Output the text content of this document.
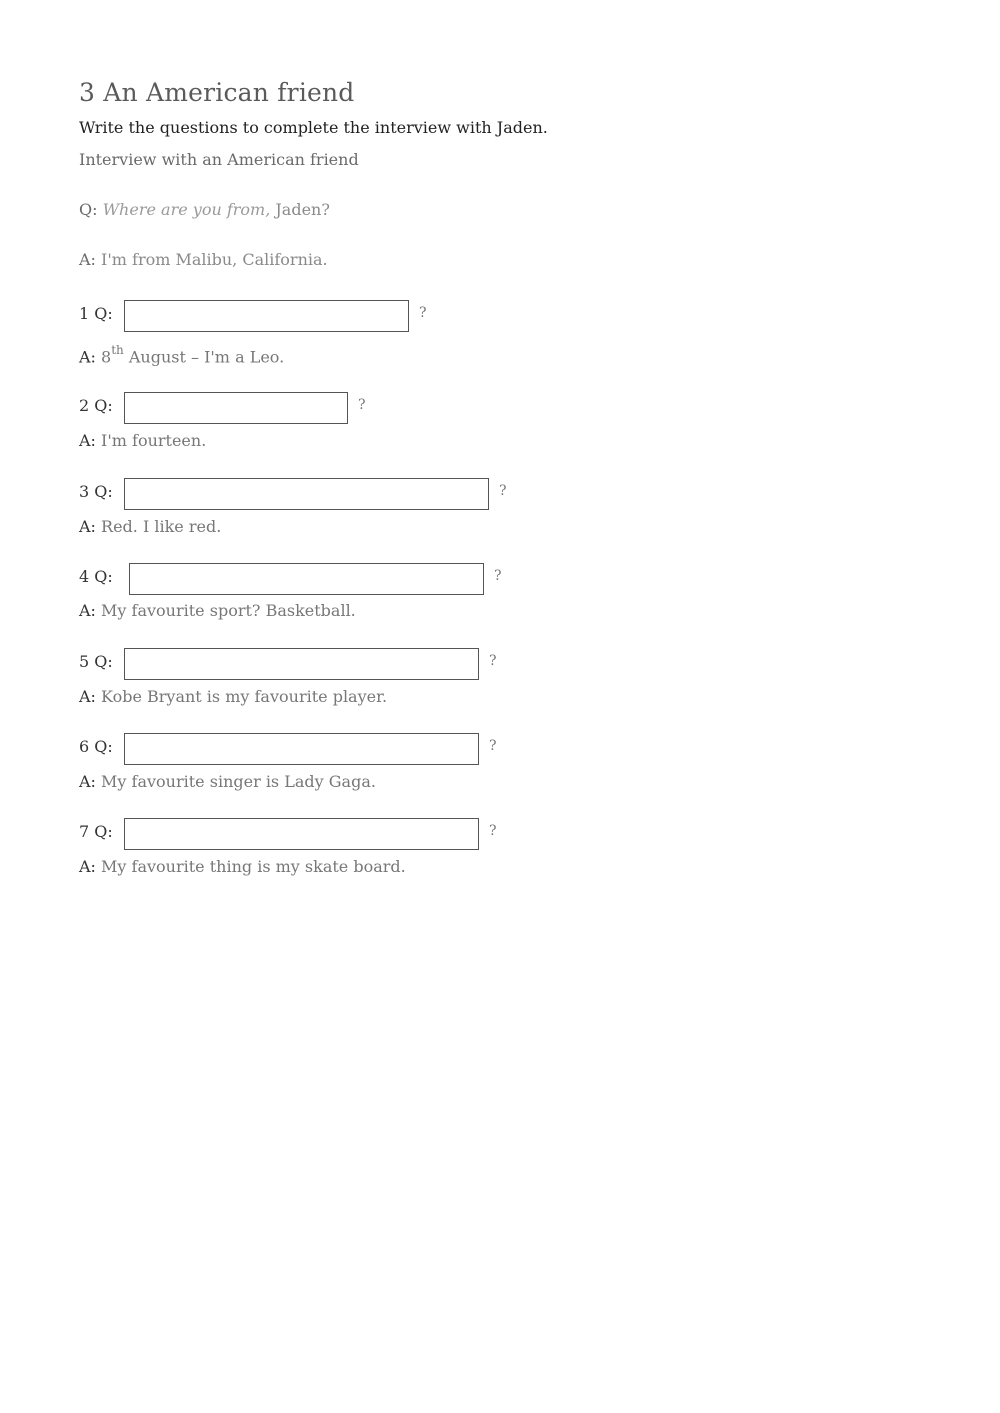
3 An American friend
Write the questions to complete the interview with Jaden.
Interview with an American friend
Q: Where are you from, Jaden?
A: I'm from Malibu, California.
1 Q:	?
A: 8th August – I'm a Leo.
2 Q:	?
A: I'm fourteen.
3 Q:	?
A: Red. I like red.
4 Q:	?
A: My favourite sport? Basketball.
5 Q:	?
A: Kobe Bryant is my favourite player.
6 Q:	?
A: My favourite singer is Lady Gaga.
7 Q:	?
A: My favourite thing is my skate board.
